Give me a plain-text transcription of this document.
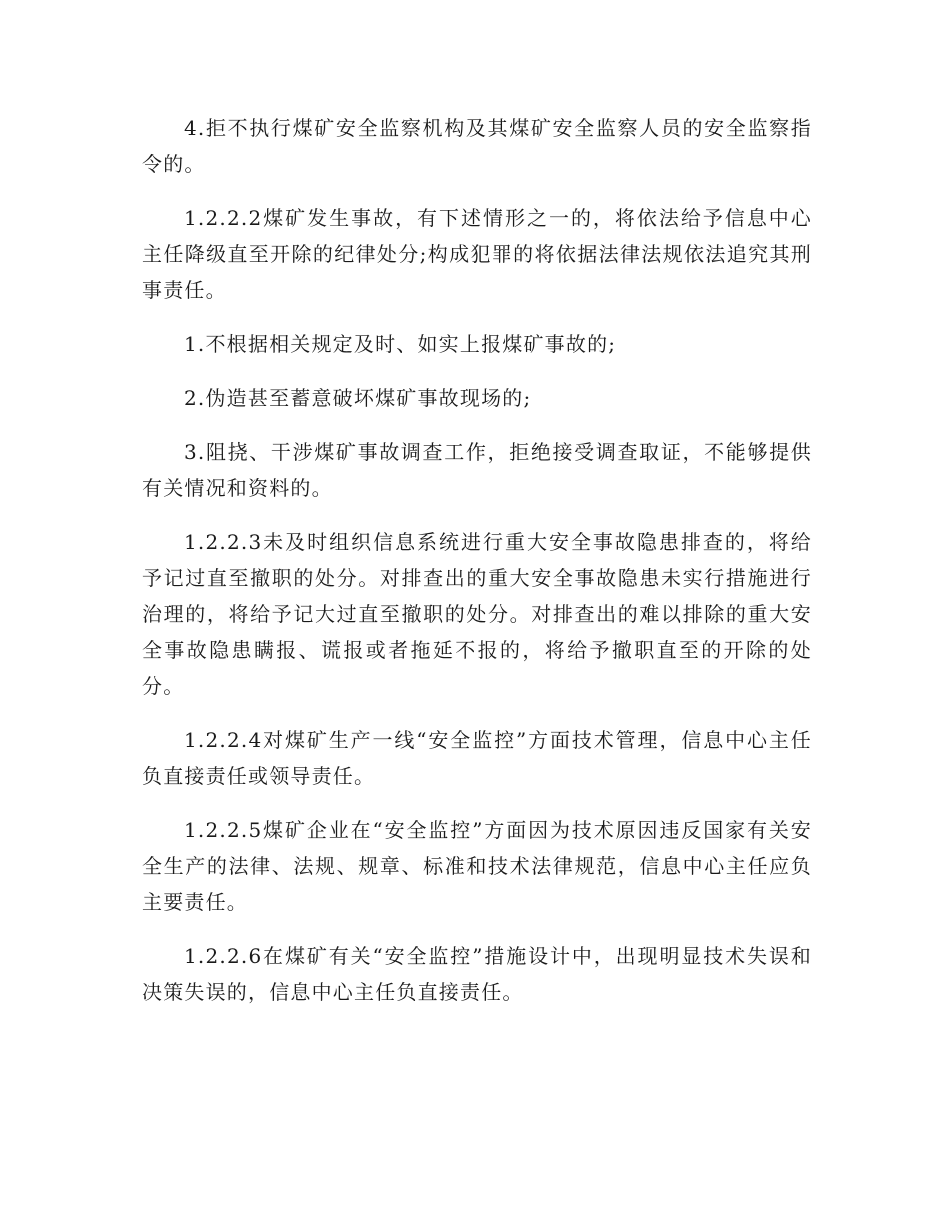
4.拒不执行煤矿安全监察机构及其煤矿安全监察人员的安全监察指令的。

1.2.2.2煤矿发生事故，有下述情形之一的，将依法给予信息中心主任降级直至开除的纪律处分;构成犯罪的将依据法律法规依法追究其刑事责任。

1.不根据相关规定及时、如实上报煤矿事故的;

2.伪造甚至蓄意破坏煤矿事故现场的;

3.阻挠、干涉煤矿事故调查工作，拒绝接受调查取证，不能够提供有关情况和资料的。

1.2.2.3未及时组织信息系统进行重大安全事故隐患排查的，将给予记过直至撤职的处分。对排查出的重大安全事故隐患未实行措施进行治理的，将给予记大过直至撤职的处分。对排查出的难以排除的重大安全事故隐患瞒报、谎报或者拖延不报的，将给予撤职直至的开除的处分。

1.2.2.4对煤矿生产一线“安全监控”方面技术管理，信息中心主任负直接责任或领导责任。

1.2.2.5煤矿企业在“安全监控”方面因为技术原因违反国家有关安全生产的法律、法规、规章、标准和技术法律规范，信息中心主任应负主要责任。

1.2.2.6在煤矿有关“安全监控”措施设计中，出现明显技术失误和决策失误的，信息中心主任负直接责任。
